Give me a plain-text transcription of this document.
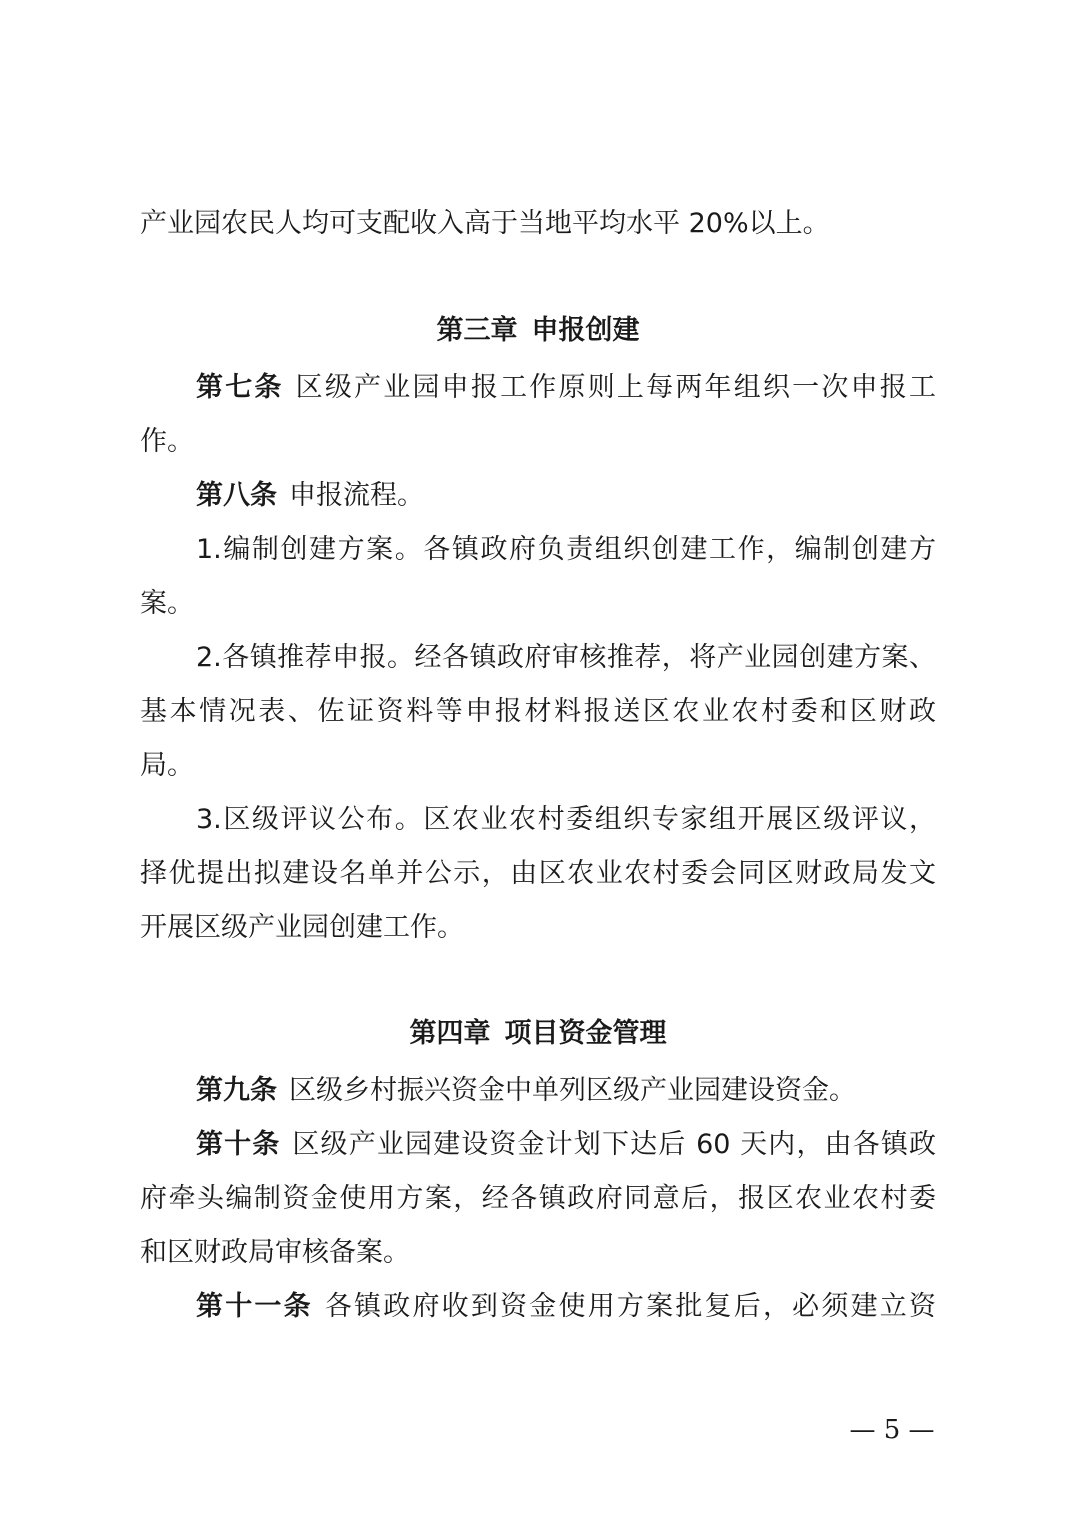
产业园农民人均可支配收入高于当地平均水平 20%以上。
第三章 申报创建
第七条 区级产业园申报工作原则上每两年组织一次申报工
作。
第八条 申报流程。
1.编制创建方案。各镇政府负责组织创建工作，编制创建方
案。
2.各镇推荐申报。经各镇政府审核推荐，将产业园创建方案、
基本情况表、佐证资料等申报材料报送区农业农村委和区财政
局。
3.区级评议公布。区农业农村委组织专家组开展区级评议，
择优提出拟建设名单并公示，由区农业农村委会同区财政局发文
开展区级产业园创建工作。
第四章 项目资金管理
第九条 区级乡村振兴资金中单列区级产业园建设资金。
第十条 区级产业园建设资金计划下达后 60 天内，由各镇政
府牵头编制资金使用方案，经各镇政府同意后，报区农业农村委
和区财政局审核备案。
第十一条 各镇政府收到资金使用方案批复后，必须建立资
— 5 —
